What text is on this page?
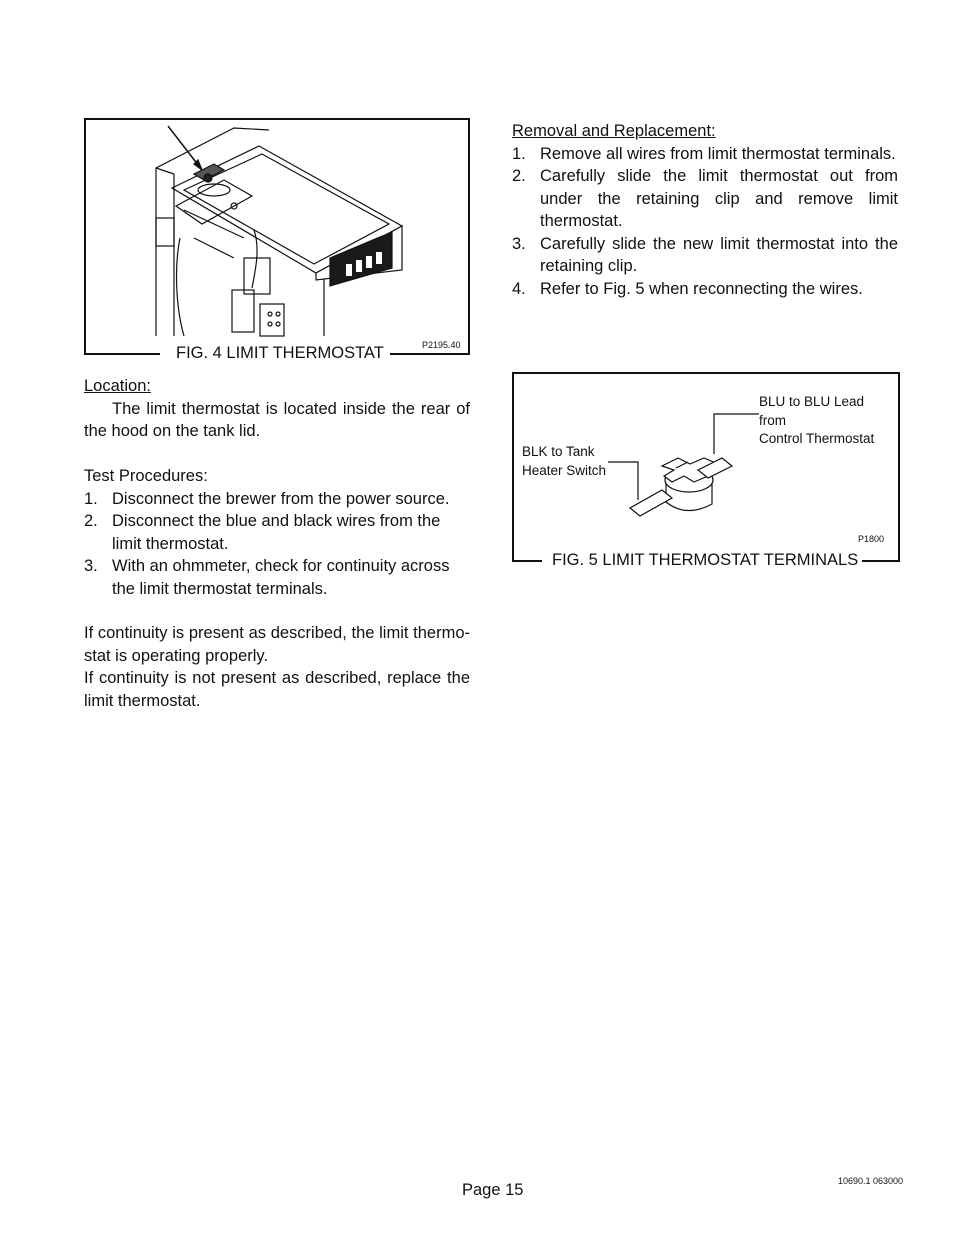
FIG. 4 LIMIT THERMOSTAT	P2195.40
Location:
The limit thermostat is located inside the rear of the hood on the tank lid.
Test Procedures:
1. Disconnect the brewer from the power source.
2. Disconnect the blue and black wires from the limit thermostat.
3. With an ohmmeter, check for continuity across the limit thermostat terminals.
If continuity is present as described, the limit thermo-stat is operating properly.
If continuity is not present as described, replace the limit thermostat.
Removal and Replacement:
1. Remove all wires from limit thermostat terminals.
2. Carefully slide the limit thermostat out from under the retaining clip and remove limit thermostat.
3. Carefully slide the new limit thermostat into the retaining clip.
4. Refer to Fig. 5 when reconnecting the wires.
BLU to BLU Lead
from
Control Thermostat
BLK to Tank
Heater Switch
P1800
FIG. 5 LIMIT THERMOSTAT TERMINALS
Page 15	10690.1 063000
